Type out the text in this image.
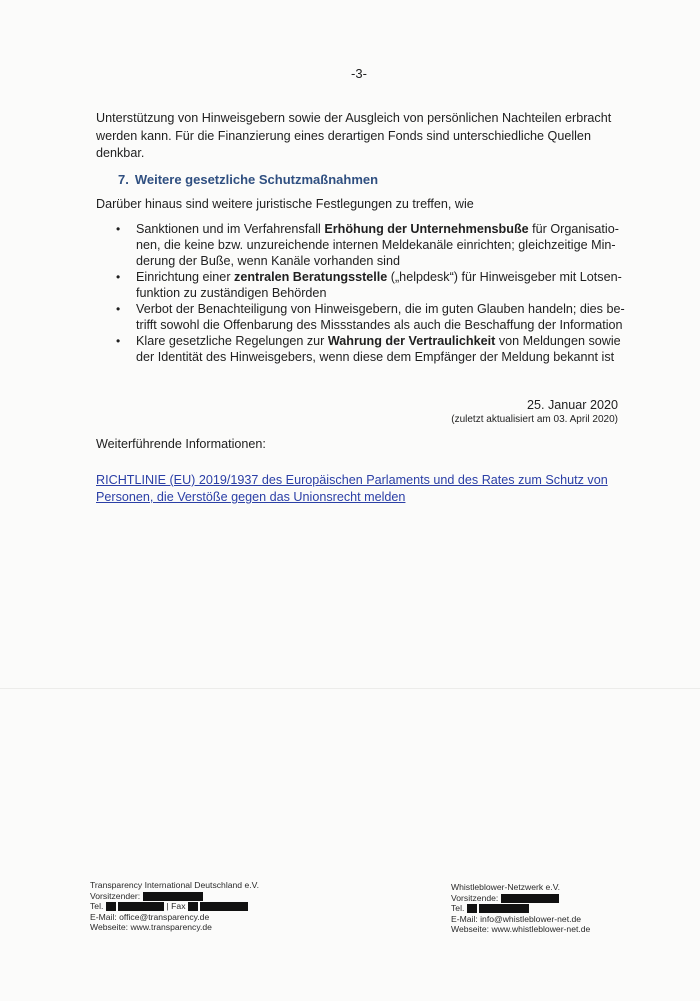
-3-
Unterstützung von Hinweisgebern sowie der Ausgleich von persönlichen Nachteilen erbracht
werden kann. Für die Finanzierung eines derartigen Fonds sind unterschiedliche Quellen
denkbar.
7. Weitere gesetzliche Schutzmaßnahmen
Darüber hinaus sind weitere juristische Festlegungen zu treffen, wie
• Sanktionen und im Verfahrensfall Erhöhung der Unternehmensbuße für Organisatio-
nen, die keine bzw. unzureichende internen Meldekanäle einrichten; gleichzeitige Min-
derung der Buße, wenn Kanäle vorhanden sind
• Einrichtung einer zentralen Beratungsstelle („helpdesk“) für Hinweisgeber mit Lotsen-
funktion zu zuständigen Behörden
• Verbot der Benachteiligung von Hinweisgebern, die im guten Glauben handeln; dies be-
trifft sowohl die Offenbarung des Missstandes als auch die Beschaffung der Information
• Klare gesetzliche Regelungen zur Wahrung der Vertraulichkeit von Meldungen sowie
der Identität des Hinweisgebers, wenn diese dem Empfänger der Meldung bekannt ist
25. Januar 2020
(zuletzt aktualisiert am 03. April 2020)
Weiterführende Informationen:
RICHTLINIE (EU) 2019/1937 des Europäischen Parlaments und des Rates zum Schutz von
Personen, die Verstöße gegen das Unionsrecht melden
Transparency International Deutschland e.V.
Vorsitzender:
Tel.	| Fax
E-Mail: office@transparency.de
Webseite: www.transparency.de
Whistleblower-Netzwerk e.V.
Vorsitzende:
Tel.
E-Mail: info@whistleblower-net.de
Webseite: www.whistleblower-net.de
